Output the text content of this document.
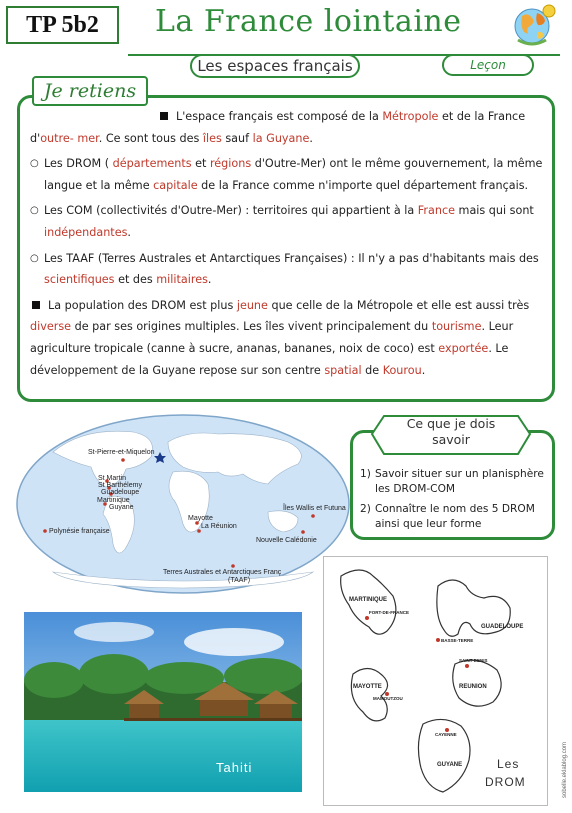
TP 5b2	La France lointaine
Les espaces français	Leçon
Je retiens

L'espace français est composé de la Métropole et de la France d'outre- mer. Ce sont tous des îles sauf la Guyane.

○ Les DROM ( départements et régions d'Outre-Mer) ont le même gouvernement, la même langue et la même capitale de la France comme n'importe quel département français.
○ Les COM (collectivités d'Outre-Mer) : territoires qui appartient à la France mais qui sont indépendantes.
○ Les TAAF (Terres Australes et Antarctiques Françaises) : Il n'y a pas d'habitants mais des scientifiques et des militaires.

La population des DROM est plus jeune que celle de la Métropole et elle est aussi très diverse de par ses origines multiples. Les îles vivent principalement du tourisme. Leur agriculture tropicale (canne à sucre, ananas, bananes, noix de coco) est exportée. Le développement de la Guyane repose sur son centre spatial de Kourou.

St-Pierre-et-Miquelon
St Martin
St Barthélemy
Guadeloupe
Martinique
Guyane
Polynésie française
Mayotte
La Réunion
Îles Wallis et Futuna
Nouvelle Calédonie
Terres Australes et Antarctiques Franç
(TAAF)
Ce que je dois
savoir
1) Savoir situer sur un planisphère les DROM-COM
2) Connaître le nom des 5 DROM ainsi que leur forme
Tahiti
MARTINIQUE
FORT-DE-FRANCE
GUADELOUPE
BASSE-TERRE
SAINT-DENIS
REUNION
MAYOTTE
MAMOUTZOU
CAYENNE
GUYANE	Les
DROM	sobelle.eklablog.com
